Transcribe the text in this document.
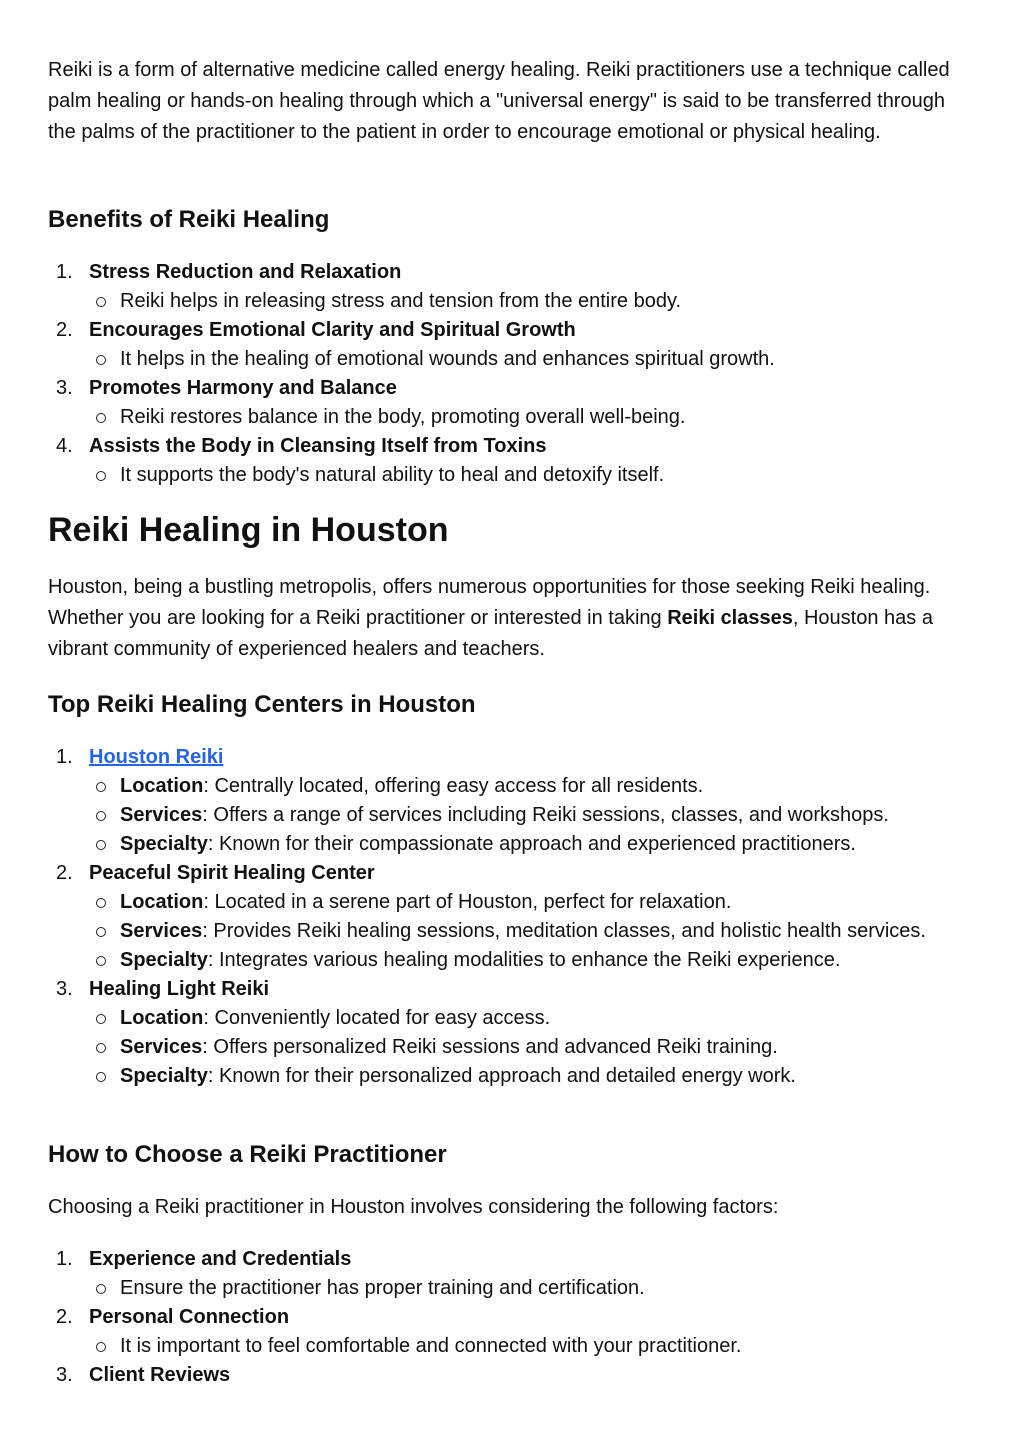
Reiki is a form of alternative medicine called energy healing. Reiki practitioners use a technique called palm healing or hands-on healing through which a "universal energy" is said to be transferred through the palms of the practitioner to the patient in order to encourage emotional or physical healing.

Benefits of Reiki Healing
1. Stress Reduction and Relaxation
Reiki helps in releasing stress and tension from the entire body.
2. Encourages Emotional Clarity and Spiritual Growth
It helps in the healing of emotional wounds and enhances spiritual growth.
3. Promotes Harmony and Balance
Reiki restores balance in the body, promoting overall well-being.
4. Assists the Body in Cleansing Itself from Toxins
It supports the body's natural ability to heal and detoxify itself.
Reiki Healing in Houston

Houston, being a bustling metropolis, offers numerous opportunities for those seeking Reiki healing. Whether you are looking for a Reiki practitioner or interested in taking Reiki classes, Houston has a vibrant community of experienced healers and teachers.

Top Reiki Healing Centers in Houston
1. Houston Reiki
Location: Centrally located, offering easy access for all residents.
Services: Offers a range of services including Reiki sessions, classes, and workshops.
Specialty: Known for their compassionate approach and experienced practitioners.
2. Peaceful Spirit Healing Center
Location: Located in a serene part of Houston, perfect for relaxation.
Services: Provides Reiki healing sessions, meditation classes, and holistic health services.
Specialty: Integrates various healing modalities to enhance the Reiki experience.
3. Healing Light Reiki
Location: Conveniently located for easy access.
Services: Offers personalized Reiki sessions and advanced Reiki training.
Specialty: Known for their personalized approach and detailed energy work.
How to Choose a Reiki Practitioner

Choosing a Reiki practitioner in Houston involves considering the following factors:

1. Experience and Credentials
Ensure the practitioner has proper training and certification.
2. Personal Connection
It is important to feel comfortable and connected with your practitioner.
3. Client Reviews
